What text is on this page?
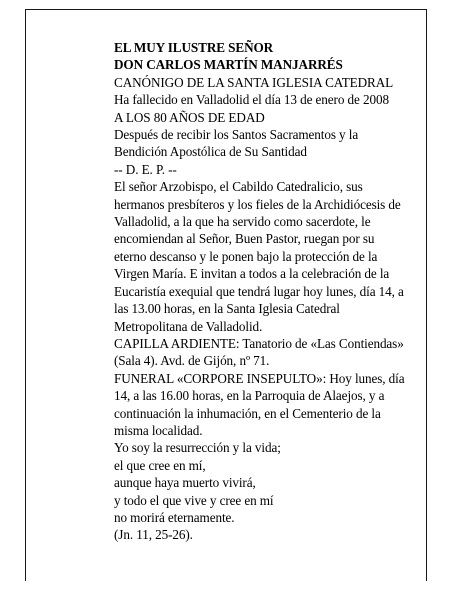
EL MUY ILUSTRE SEÑOR
DON CARLOS MARTÍN MANJARRÉS
CANÓNIGO DE LA SANTA IGLESIA CATEDRAL
Ha fallecido en Valladolid el día 13 de enero de 2008
A LOS 80 AÑOS DE EDAD
Después de recibir los Santos Sacramentos y la
Bendición Apostólica de Su Santidad
-- D. E. P. --
El señor Arzobispo, el Cabildo Catedralicio, sus
hermanos presbíteros y los fieles de la Archidiócesis de
Valladolid, a la que ha servido como sacerdote, le
encomiendan al Señor, Buen Pastor, ruegan por su
eterno descanso y le ponen bajo la protección de la
Virgen María. E invitan a todos a la celebración de la
Eucaristía exequial que tendrá lugar hoy lunes, día 14, a
las 13.00 horas, en la Santa Iglesia Catedral
Metropolitana de Valladolid.
CAPILLA ARDIENTE: Tanatorio de «Las Contiendas»
(Sala 4). Avd. de Gijón, nº 71.
FUNERAL «CORPORE INSEPULTO»: Hoy lunes, día
14, a las 16.00 horas, en la Parroquia de Alaejos, y a
continuación la inhumación, en el Cementerio de la
misma localidad.
Yo soy la resurrección y la vida;
el que cree en mí,
aunque haya muerto vivirá,
y todo el que vive y cree en mí
no morirá eternamente.
(Jn. 11, 25-26).
